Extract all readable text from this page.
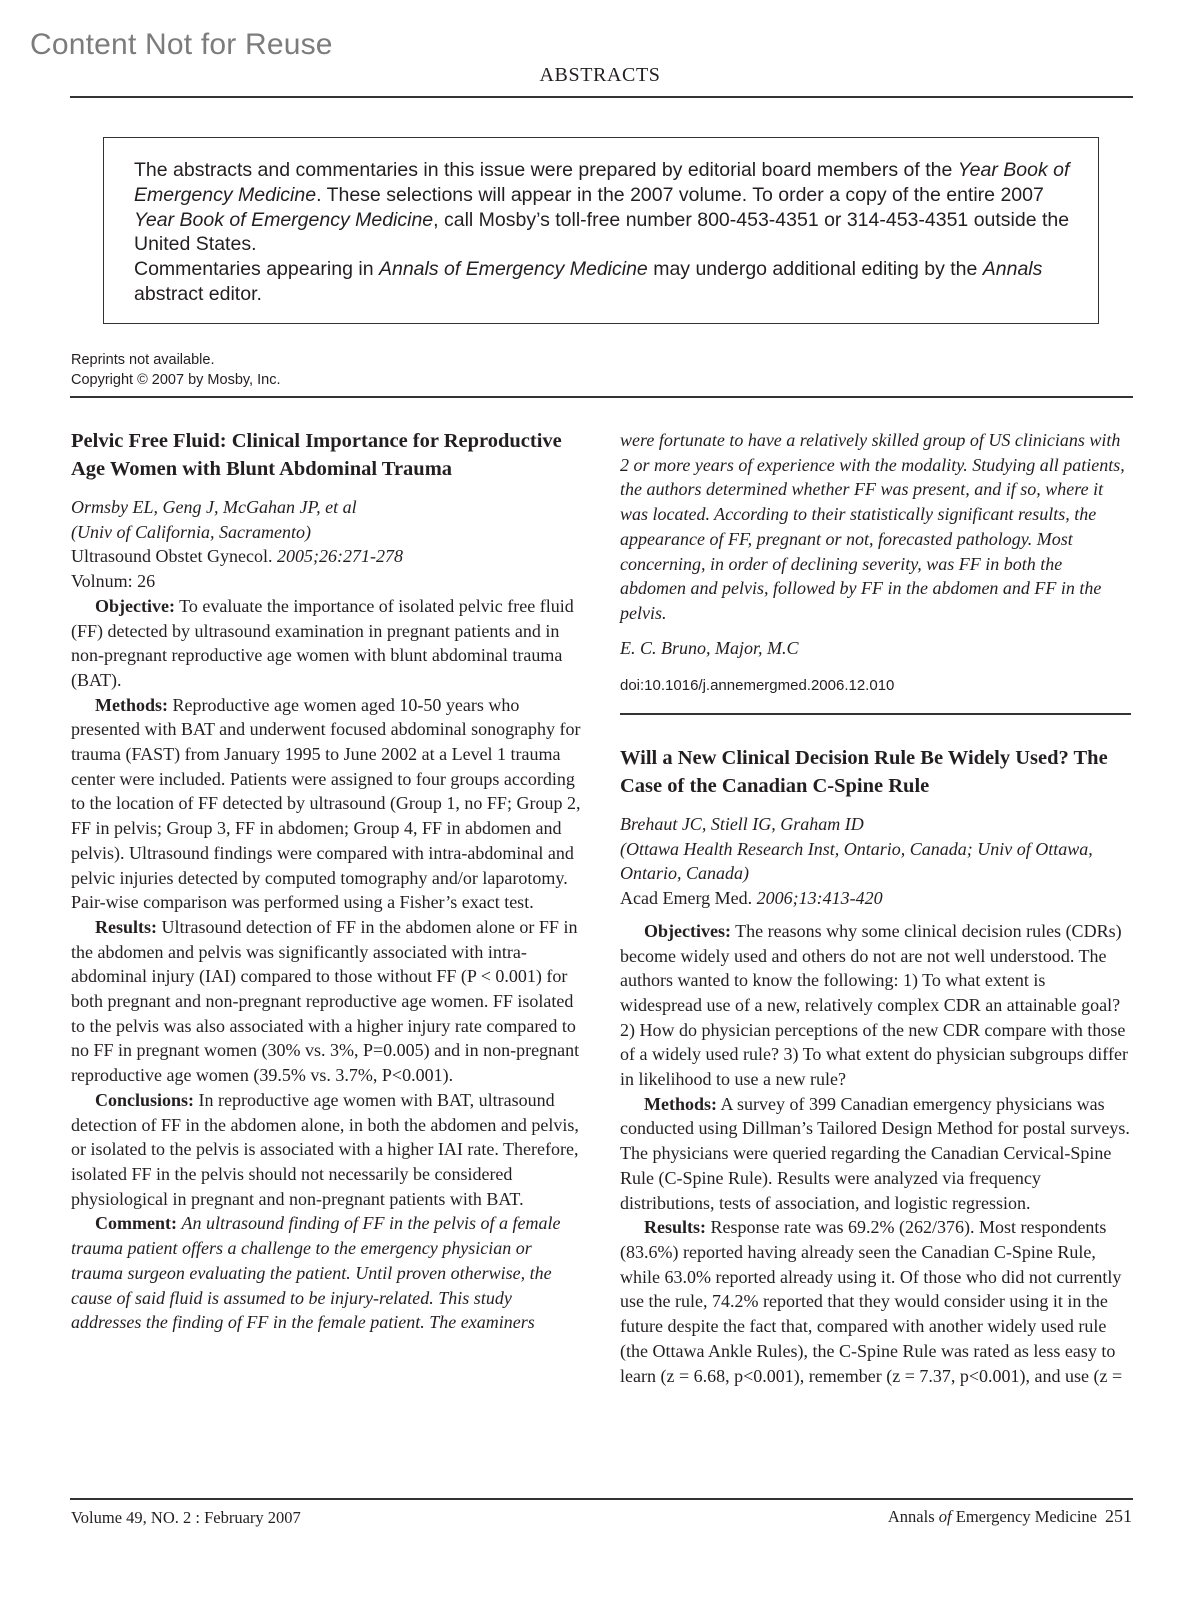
Content Not for Reuse
ABSTRACTS

The abstracts and commentaries in this issue were prepared by editorial board members of the Year Book of Emergency Medicine. These selections will appear in the 2007 volume. To order a copy of the entire 2007 Year Book of Emergency Medicine, call Mosby’s toll-free number 800-453-4351 or 314-453-4351 outside the United States.

Commentaries appearing in Annals of Emergency Medicine may undergo additional editing by the Annals abstract editor.

Reprints not available.
Copyright © 2007 by Mosby, Inc.
Pelvic Free Fluid: Clinical Importance for Reproductive Age Women with Blunt Abdominal Trauma
Ormsby EL, Geng J, McGahan JP, et al
(Univ of California, Sacramento)
Ultrasound Obstet Gynecol. 2005;26:271-278
Volnum: 26

Objective: To evaluate the importance of isolated pelvic free fluid (FF) detected by ultrasound examination in pregnant patients and in non-pregnant reproductive age women with blunt abdominal trauma (BAT).

Methods: Reproductive age women aged 10-50 years who presented with BAT and underwent focused abdominal sonography for trauma (FAST) from January 1995 to June 2002 at a Level 1 trauma center were included. Patients were assigned to four groups according to the location of FF detected by ultrasound (Group 1, no FF; Group 2, FF in pelvis; Group 3, FF in abdomen; Group 4, FF in abdomen and pelvis). Ultrasound findings were compared with intra-abdominal and pelvic injuries detected by computed tomography and/or laparotomy. Pair-wise comparison was performed using a Fisher’s exact test.

Results: Ultrasound detection of FF in the abdomen alone or FF in the abdomen and pelvis was significantly associated with intra-abdominal injury (IAI) compared to those without FF (P < 0.001) for both pregnant and non-pregnant reproductive age women. FF isolated to the pelvis was also associated with a higher injury rate compared to no FF in pregnant women (30% vs. 3%, P=0.005) and in non-pregnant reproductive age women (39.5% vs. 3.7%, P<0.001).

Conclusions: In reproductive age women with BAT, ultrasound detection of FF in the abdomen alone, in both the abdomen and pelvis, or isolated to the pelvis is associated with a higher IAI rate. Therefore, isolated FF in the pelvis should not necessarily be considered physiological in pregnant and non-pregnant patients with BAT.

Comment: An ultrasound finding of FF in the pelvis of a female trauma patient offers a challenge to the emergency physician or trauma surgeon evaluating the patient. Until proven otherwise, the cause of said fluid is assumed to be injury-related. This study addresses the finding of FF in the female patient. The examiners

were fortunate to have a relatively skilled group of US clinicians with 2 or more years of experience with the modality. Studying all patients, the authors determined whether FF was present, and if so, where it was located. According to their statistically significant results, the appearance of FF, pregnant or not, forecasted pathology. Most concerning, in order of declining severity, was FF in both the abdomen and pelvis, followed by FF in the abdomen and FF in the pelvis.

E. C. Bruno, Major, M.C

doi:10.1016/j.annemergmed.2006.12.010

Will a New Clinical Decision Rule Be Widely Used? The Case of the Canadian C-Spine Rule
Brehaut JC, Stiell IG, Graham ID
(Ottawa Health Research Inst, Ontario, Canada; Univ of Ottawa, Ontario, Canada)
Acad Emerg Med. 2006;13:413-420

Objectives: The reasons why some clinical decision rules (CDRs) become widely used and others do not are not well understood. The authors wanted to know the following: 1) To what extent is widespread use of a new, relatively complex CDR an attainable goal? 2) How do physician perceptions of the new CDR compare with those of a widely used rule? 3) To what extent do physician subgroups differ in likelihood to use a new rule?

Methods: A survey of 399 Canadian emergency physicians was conducted using Dillman’s Tailored Design Method for postal surveys. The physicians were queried regarding the Canadian Cervical-Spine Rule (C-Spine Rule). Results were analyzed via frequency distributions, tests of association, and logistic regression.

Results: Response rate was 69.2% (262/376). Most respondents (83.6%) reported having already seen the Canadian C-Spine Rule, while 63.0% reported already using it. Of those who did not currently use the rule, 74.2% reported that they would consider using it in the future despite the fact that, compared with another widely used rule (the Ottawa Ankle Rules), the C-Spine Rule was rated as less easy to learn (z = 6.68, p<0.001), remember (z = 7.37, p<0.001), and use (z =

Volume 49, NO. 2 : February 2007	Annals of Emergency Medicine 251
